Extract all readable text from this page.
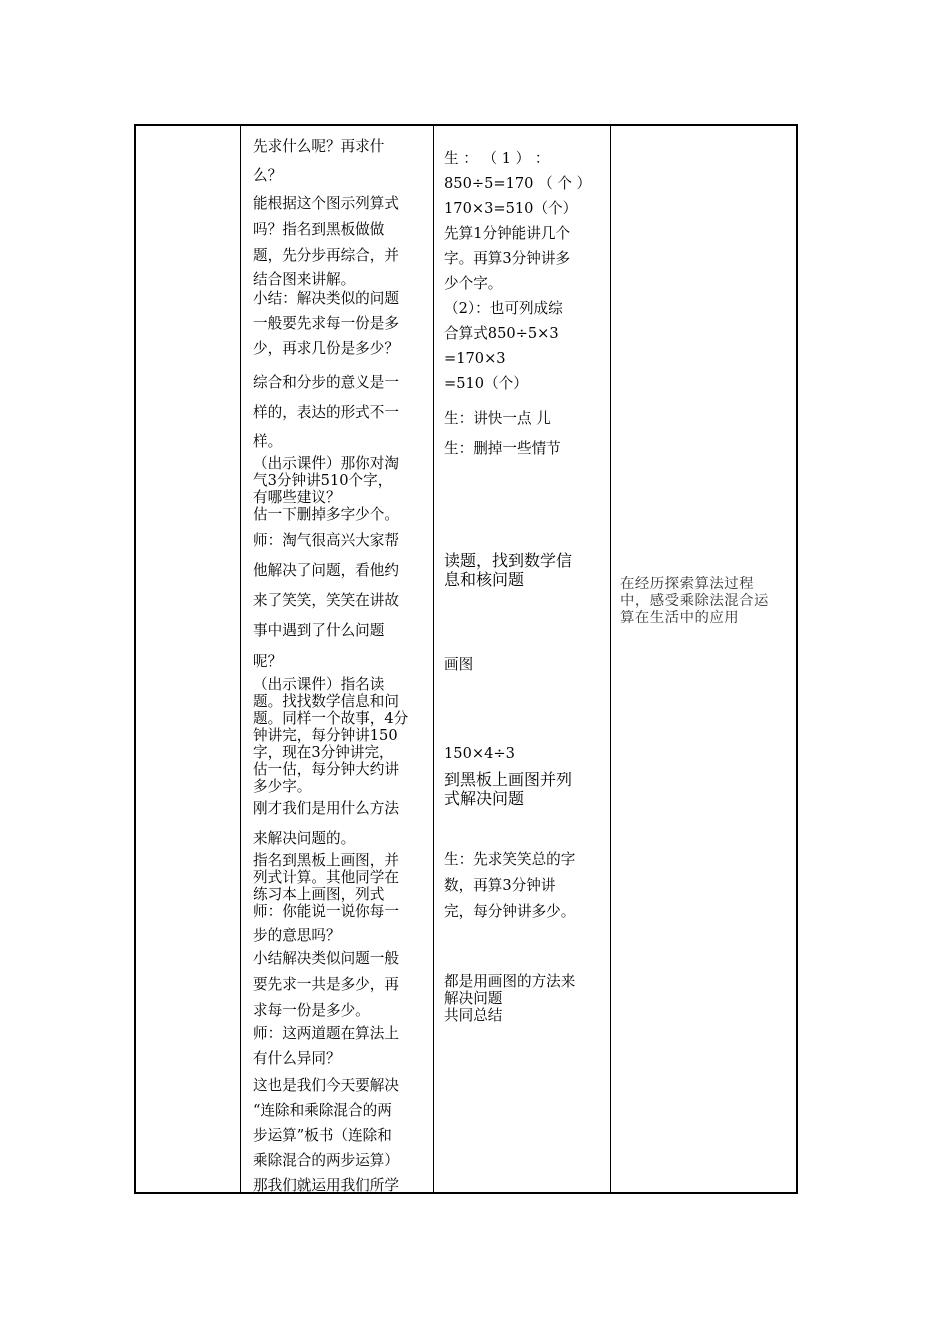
先求什么呢？再求什
么？
能根据这个图示列算式
吗？指名到黑板做做
题，先分步再综合，并
结合图来讲解。
小结：解决类似的问题
一般要先求每一份是多
少，再求几份是多少？
综合和分步的意义是一
样的，表达的形式不一
样。
（出示课件）那你对淘
气3分钟讲510个字，
有哪些建议？
估一下删掉多字少个。
师：淘气很高兴大家帮
他解决了问题，看他约
来了笑笑，笑笑在讲故
事中遇到了什么问题
呢？
（出示课件）指名读
题。找找数学信息和问
题。同样一个故事，4分
钟讲完，每分钟讲150
字，现在3分钟讲完，
估一估，每分钟大约讲
多少字。
刚才我们是用什么方法
来解决问题的。
指名到黑板上画图，并
列式计算。其他同学在
练习本上画图，列式
师：你能说一说你每一
步的意思吗？
小结解决类似问题一般
要先求一共是多少，再
求每一份是多少。
师：这两道题在算法上
有什么异同？
这也是我们今天要解决
“连除和乘除混合的两
步运算”板书（连除和
乘除混合的两步运算）
那我们就运用我们所学
生 ： （ 1 ） ：
850÷5=170 （ 个 ）
170×3=510（个）
先算1分钟能讲几个
字。再算3分钟讲多
少个字。
（2）：也可列成综
合算式850÷5×3
=170×3
=510（个）
生：讲快一点 儿
生：删掉一些情节
读题，找到数学信
息和核问题
画图
150×4÷3
到黑板上画图并列
式解决问题
生：先求笑笑总的字
数，再算3分钟讲
完，每分钟讲多少。
都是用画图的方法来
解决问题
共同总结
在经历探索算法过程
中，感受乘除法混合运
算在生活中的应用
